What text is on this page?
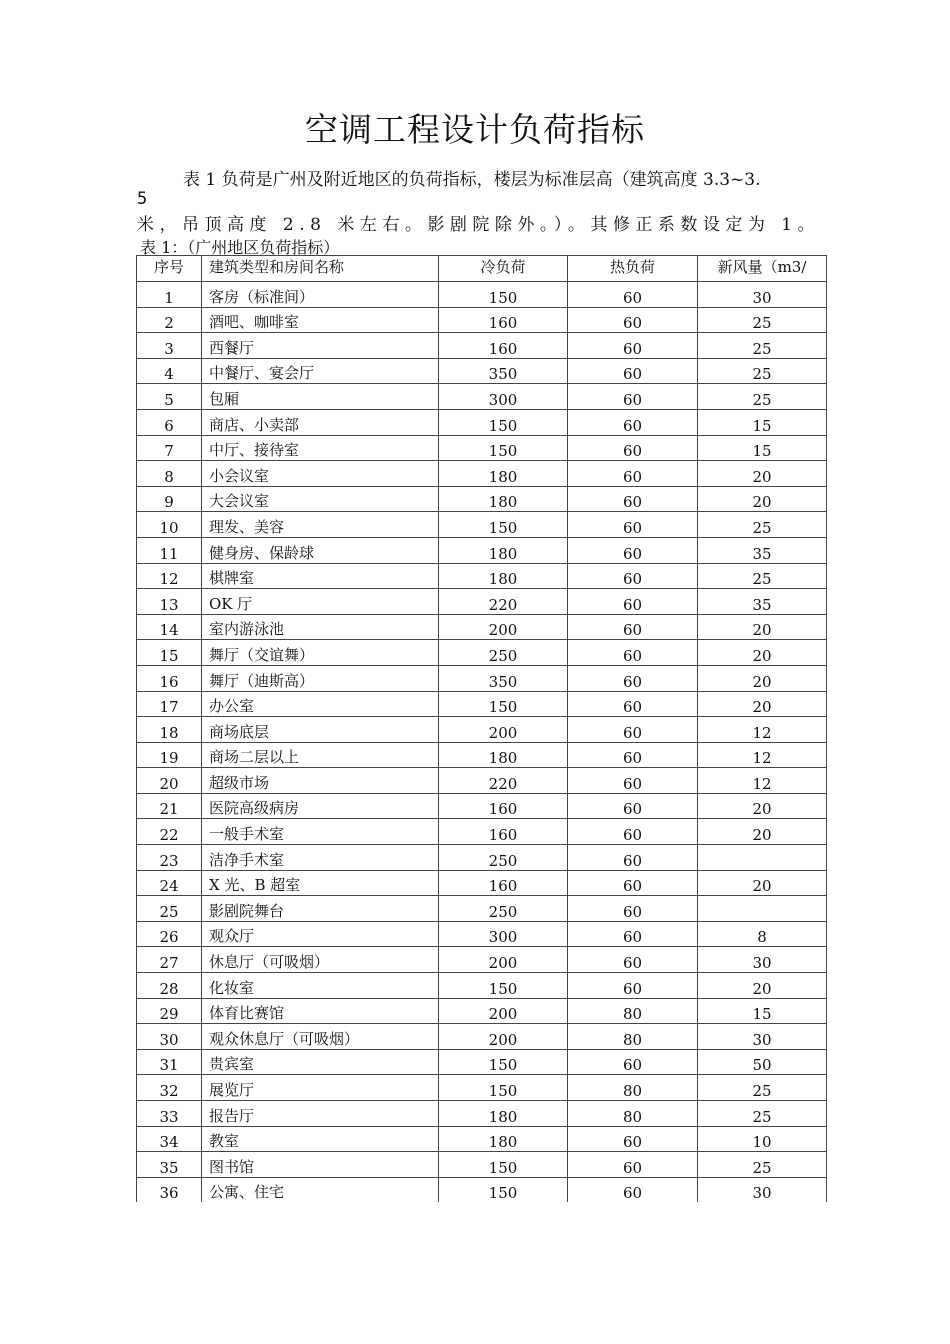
空调工程设计负荷指标
表 1 负荷是广州及附近地区的负荷指标，楼层为标准层高（建筑高度 3.3~3.
5
米，吊顶高度 2.8 米左右。影剧院除外。）。其修正系数设定为 1。
表 1：（广州地区负荷指标）
序号	建筑类型和房间名称	冷负荷	热负荷	新风量（m3/
1	客房（标准间）	150	60	30
2	酒吧、咖啡室	160	60	25
3	西餐厅	160	60	25
4	中餐厅、宴会厅	350	60	25
5	包厢	300	60	25
6	商店、小卖部	150	60	15
7	中厅、接待室	150	60	15
8	小会议室	180	60	20
9	大会议室	180	60	20
10	理发、美容	150	60	25
11	健身房、保龄球	180	60	35
12	棋牌室	180	60	25
13	OK 厅	220	60	35
14	室内游泳池	200	60	20
15	舞厅（交谊舞）	250	60	20
16	舞厅（迪斯高）	350	60	20
17	办公室	150	60	20
18	商场底层	200	60	12
19	商场二层以上	180	60	12
20	超级市场	220	60	12
21	医院高级病房	160	60	20
22	一般手术室	160	60	20
23	洁净手术室	250	60	
24	X 光、B 超室	160	60	20
25	影剧院舞台	250	60	
26	观众厅	300	60	8
27	休息厅（可吸烟）	200	60	30
28	化妆室	150	60	20
29	体育比赛馆	200	80	15
30	观众休息厅（可吸烟）	200	80	30
31	贵宾室	150	60	50
32	展览厅	150	80	25
33	报告厅	180	80	25
34	教室	180	60	10
35	图书馆	150	60	25
36	公寓、住宅	150	60	30
